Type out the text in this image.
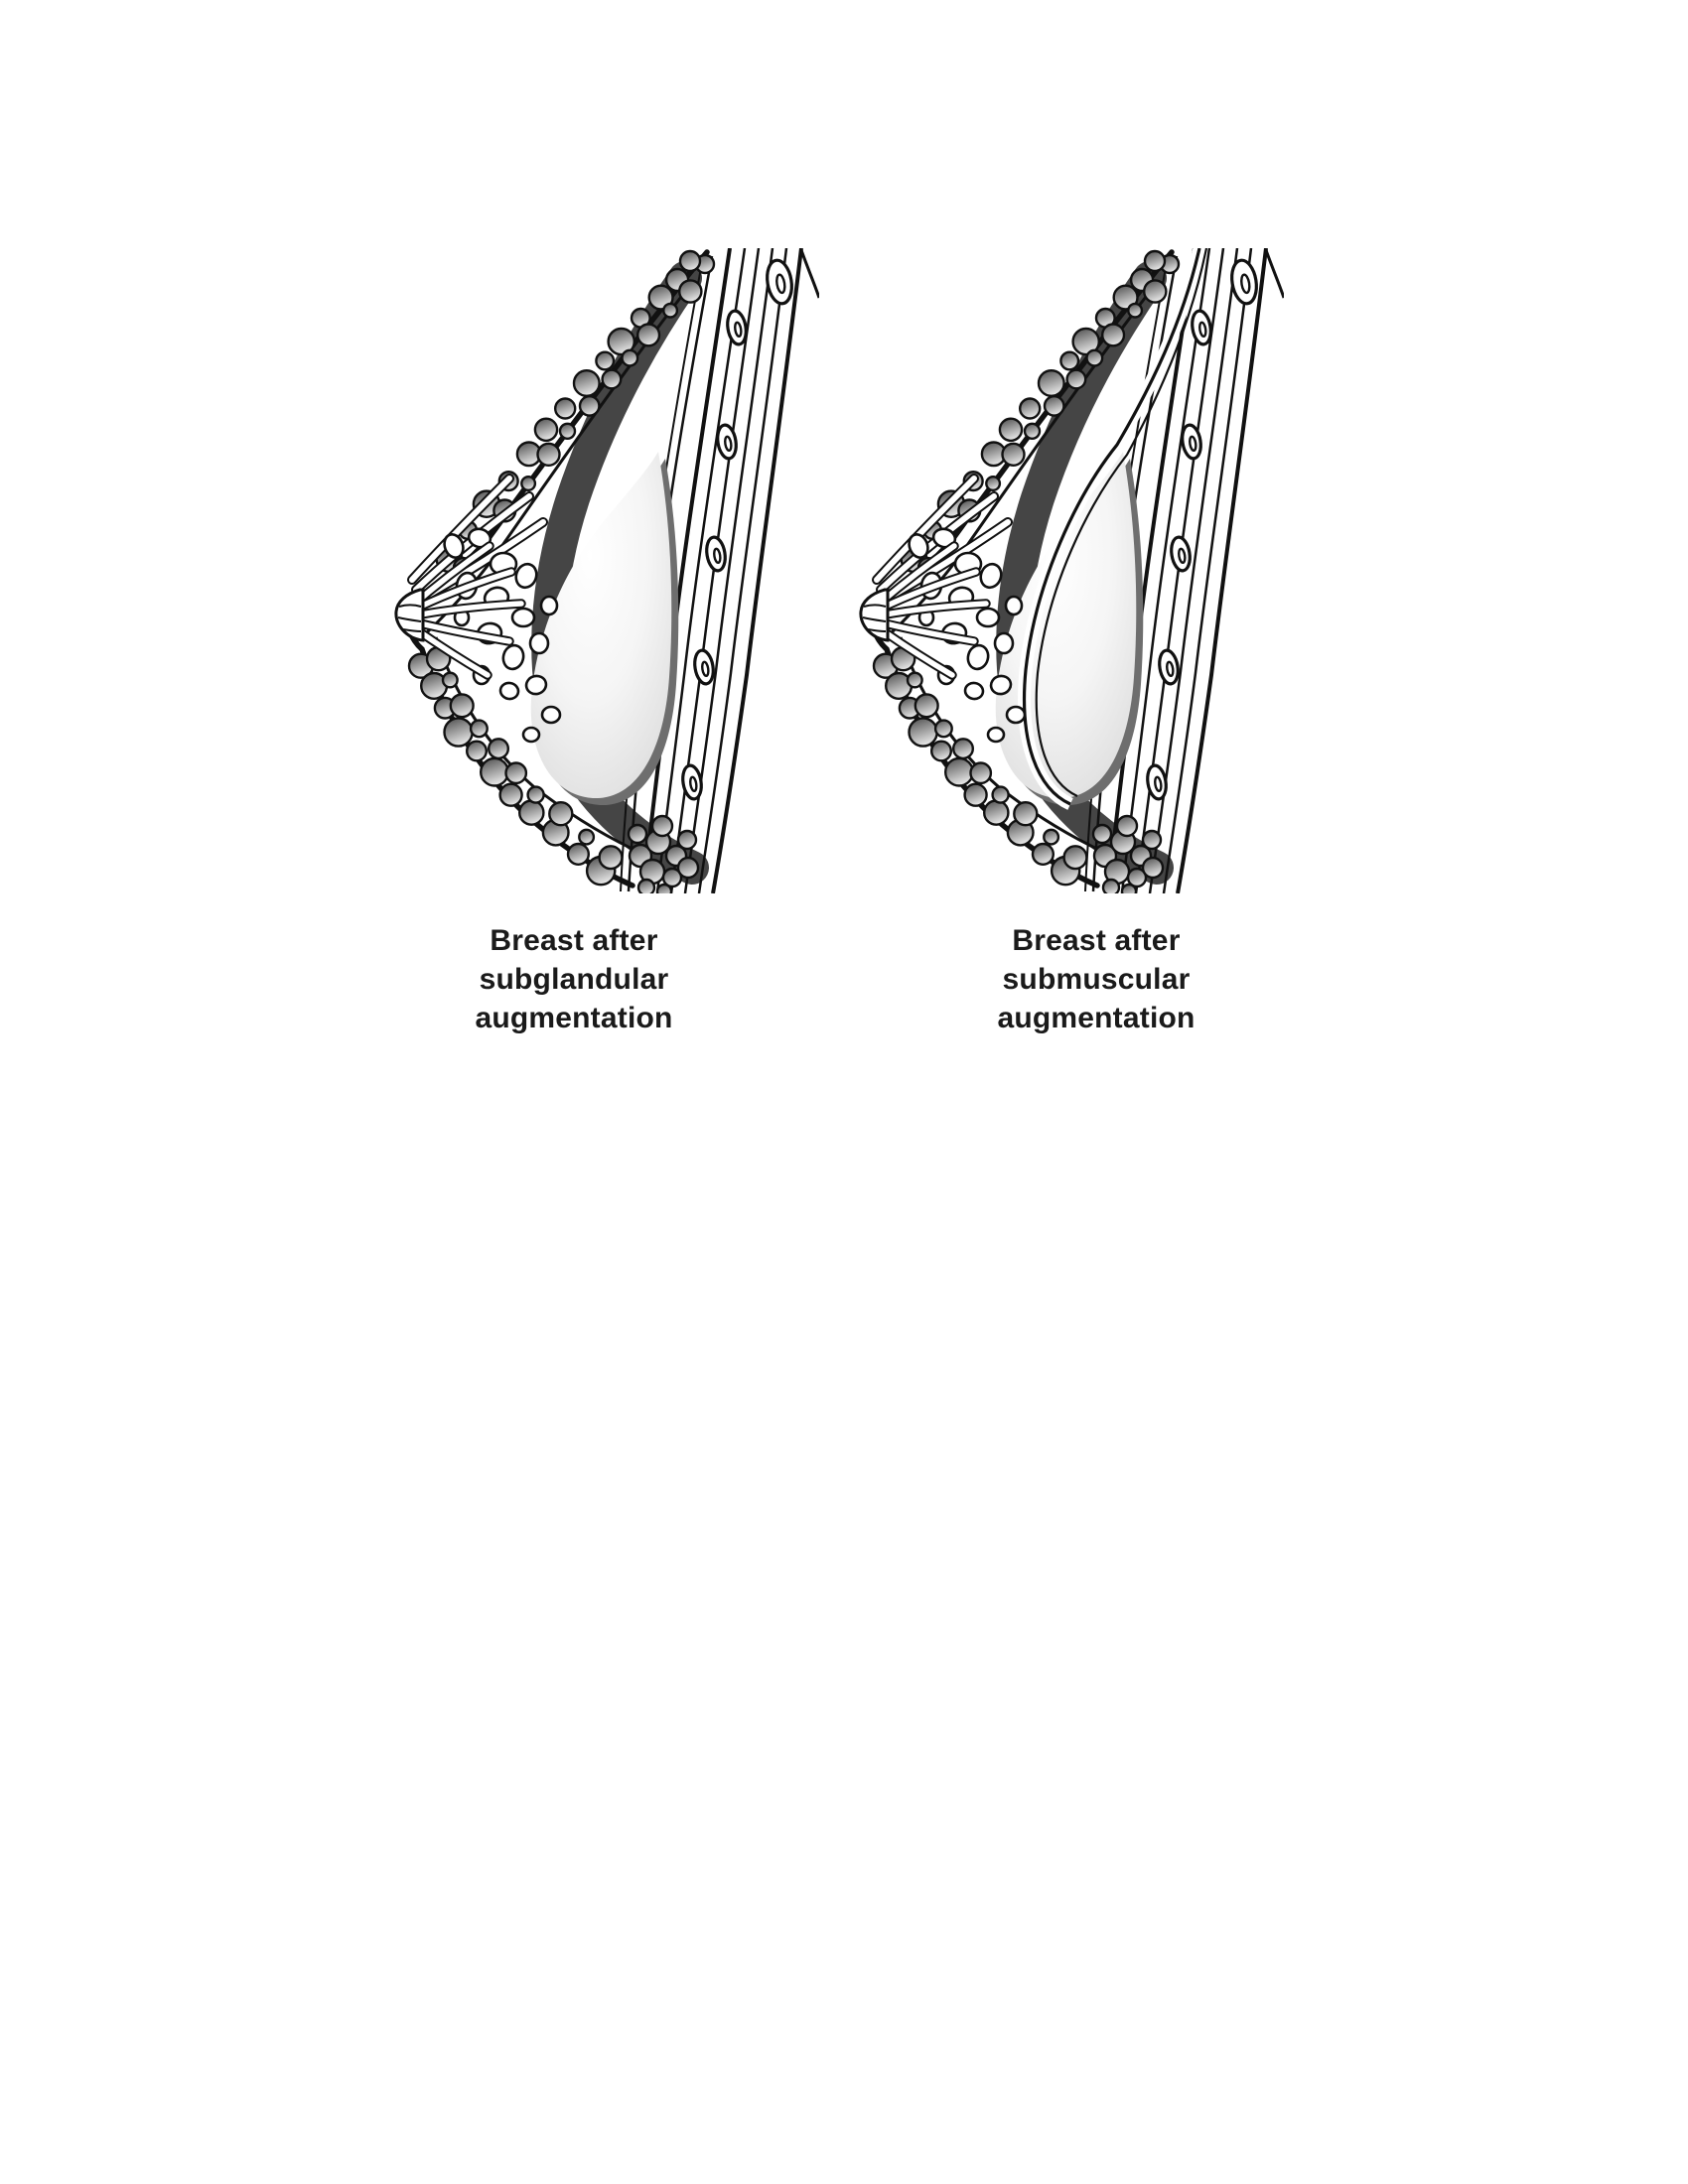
Breast after
subglandular
augmentation
Breast after
submuscular
augmentation
